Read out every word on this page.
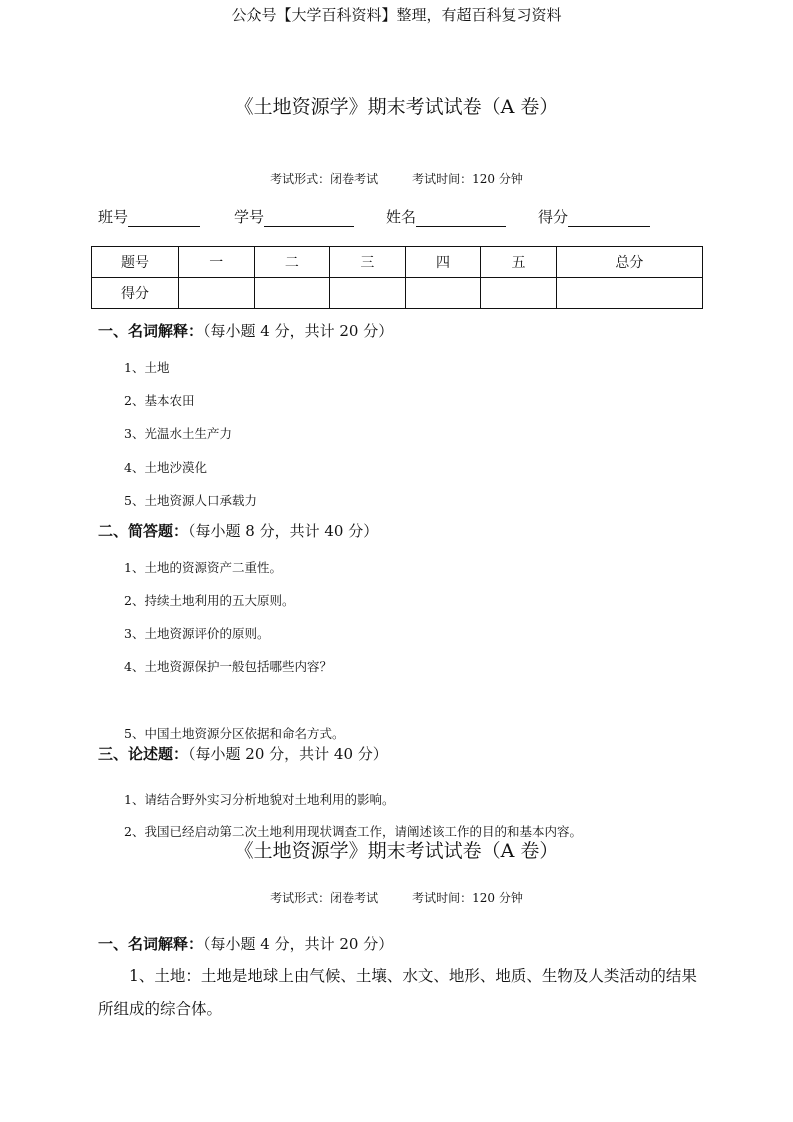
公众号【大学百科资料】整理，有超百科复习资料
《土地资源学》期末考试试卷（A 卷）
考试形式：闭卷考试	考试时间：120 分钟
班号	学号	姓名	得分
题号	一	二	三	四	五	总分
得分						
一、名词解释：（每小题 4 分，共计 20 分）
1、土地
2、基本农田
3、光温水土生产力
4、土地沙漠化
5、土地资源人口承载力
二、简答题：（每小题 8 分，共计 40 分）
1、土地的资源资产二重性。
2、持续土地利用的五大原则。
3、土地资源评价的原则。
4、土地资源保护一般包括哪些内容？
5、中国土地资源分区依据和命名方式。
三、论述题：（每小题 20 分，共计 40 分）
1、请结合野外实习分析地貌对土地利用的影响。
2、我国已经启动第二次土地利用现状调查工作，请阐述该工作的目的和基本内容。
《土地资源学》期末考试试卷（A 卷）
考试形式：闭卷考试	考试时间：120 分钟
一、名词解释：（每小题 4 分，共计 20 分）
1、土地：土地是地球上由气候、土壤、水文、地形、地质、生物及人类活动的结果所组成的综合体。
